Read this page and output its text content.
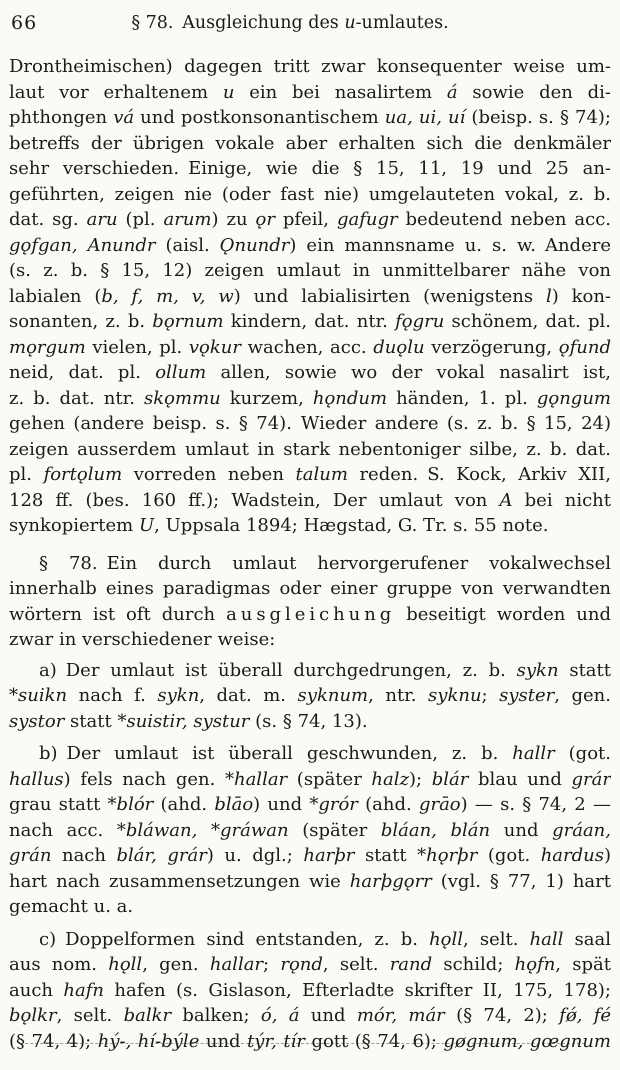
66	§ 78. Ausgleichung des u-umlautes.
Drontheimischen) dagegen tritt zwar konsequenter weise um-
laut vor erhaltenem u ein bei nasalirtem á sowie den di-
phthongen vá und postkonsonantischem ua, ui, uí (beisp. s. § 74);
betreffs der übrigen vokale aber erhalten sich die denkmäler
sehr verschieden. Einige, wie die § 15, 11, 19 und 25 an-
geführten, zeigen nie (oder fast nie) umgelauteten vokal, z. b.
dat. sg. aru (pl. arum) zu ǫr pfeil, gafugr bedeutend neben acc.
gǫfgan, Anundr (aisl. Ǫnundr) ein mannsname u. s. w. Andere
(s. z. b. § 15, 12) zeigen umlaut in unmittelbarer nähe von
labialen (b, f, m, v, w) und labialisirten (wenigstens l) kon-
sonanten, z. b. bǫrnum kindern, dat. ntr. fǫgru schönem, dat. pl.
mǫrgum vielen, pl. vǫkur wachen, acc. duǫlu verzögerung, ǫfund
neid, dat. pl. ollum allen, sowie wo der vokal nasalirt ist,
z. b. dat. ntr. skǫmmu kurzem, hǫndum händen, 1. pl. gǫngum
gehen (andere beisp. s. § 74). Wieder andere (s. z. b. § 15, 24)
zeigen ausserdem umlaut in stark nebentoniger silbe, z. b. dat.
pl. fortǫlum vorreden neben talum reden. S. Kock, Arkiv XII,
128 ff. (bes. 160 ff.); Wadstein, Der umlaut von A bei nicht
synkopiertem U, Uppsala 1894; Hægstad, G. Tr. s. 55 note.
§ 78. Ein durch umlaut hervorgerufener vokalwechsel
innerhalb eines paradigmas oder einer gruppe von verwandten
wörtern ist oft durch ausgleichung beseitigt worden und
zwar in verschiedener weise:
a) Der umlaut ist überall durchgedrungen, z. b. sykn statt
*suikn nach f. sykn, dat. m. syknum, ntr. syknu; syster, gen.
systor statt *suistir, systur (s. § 74, 13).
b) Der umlaut ist überall geschwunden, z. b. hallr (got.
hallus) fels nach gen. *hallar (später halz); blár blau und grár
grau statt *blór (ahd. blāo) und *grór (ahd. grāo) — s. § 74, 2 —
nach acc. *bláwan, *gráwan (später bláan, blán und gráan,
grán nach blár, grár) u. dgl.; harþr statt *hǫrþr (got. hardus)
hart nach zusammensetzungen wie harþgǫrr (vgl. § 77, 1) hart
gemacht u. a.
c) Doppelformen sind entstanden, z. b. hǫll, selt. hall saal
aus nom. hǫll, gen. hallar; rǫnd, selt. rand schild; hǫfn, spät
auch hafn hafen (s. Gislason, Efterladte skrifter II, 175, 178);
bǫlkr, selt. balkr balken; ó, á und mór, már (§ 74, 2); fǿ, fé
(§ 74, 4); hý-, hí-býle und týr, tír gott (§ 74, 6); gøgnum, gœgnum
